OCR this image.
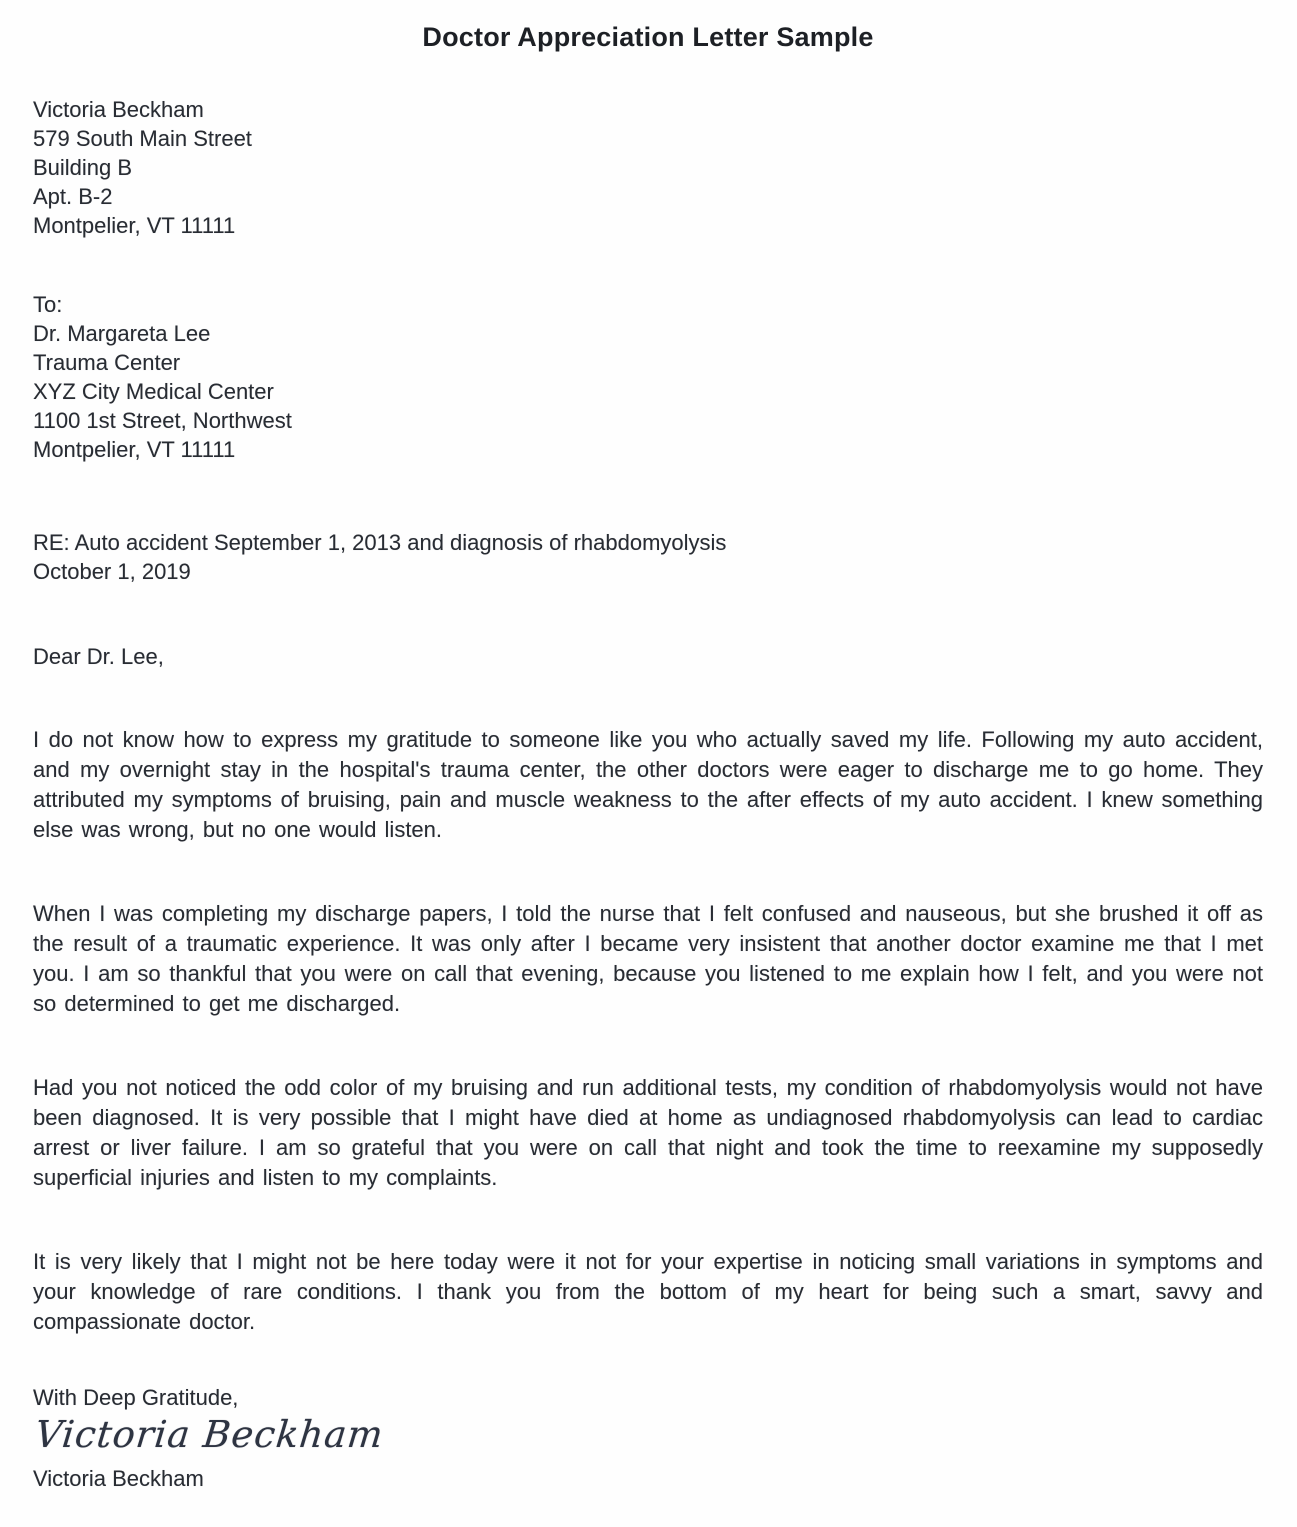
Doctor Appreciation Letter Sample
Victoria Beckham
579 South Main Street
Building B
Apt. B-2
Montpelier, VT 11111
To:
Dr. Margareta Lee
Trauma Center
XYZ City Medical Center
1100 1st Street, Northwest
Montpelier, VT 11111
RE: Auto accident September 1, 2013 and diagnosis of rhabdomyolysis
October 1, 2019
Dear Dr. Lee,

I do not know how to express my gratitude to someone like you who actually saved my life. Following my auto accident, and my overnight stay in the hospital's trauma center, the other doctors were eager to discharge me to go home. They attributed my symptoms of bruising, pain and muscle weakness to the after effects of my auto accident. I knew something else was wrong, but no one would listen.

When I was completing my discharge papers, I told the nurse that I felt confused and nauseous, but she brushed it off as the result of a traumatic experience. It was only after I became very insistent that another doctor examine me that I met you. I am so thankful that you were on call that evening, because you listened to me explain how I felt, and you were not so determined to get me discharged.

Had you not noticed the odd color of my bruising and run additional tests, my condition of rhabdomyolysis would not have been diagnosed. It is very possible that I might have died at home as undiagnosed rhabdomyolysis can lead to cardiac arrest or liver failure. I am so grateful that you were on call that night and took the time to reexamine my supposedly superficial injuries and listen to my complaints.

It is very likely that I might not be here today were it not for your expertise in noticing small variations in symptoms and your knowledge of rare conditions. I thank you from the bottom of my heart for being such a smart, savvy and compassionate doctor.

With Deep Gratitude,
Victoria Beckham
Victoria Beckham
